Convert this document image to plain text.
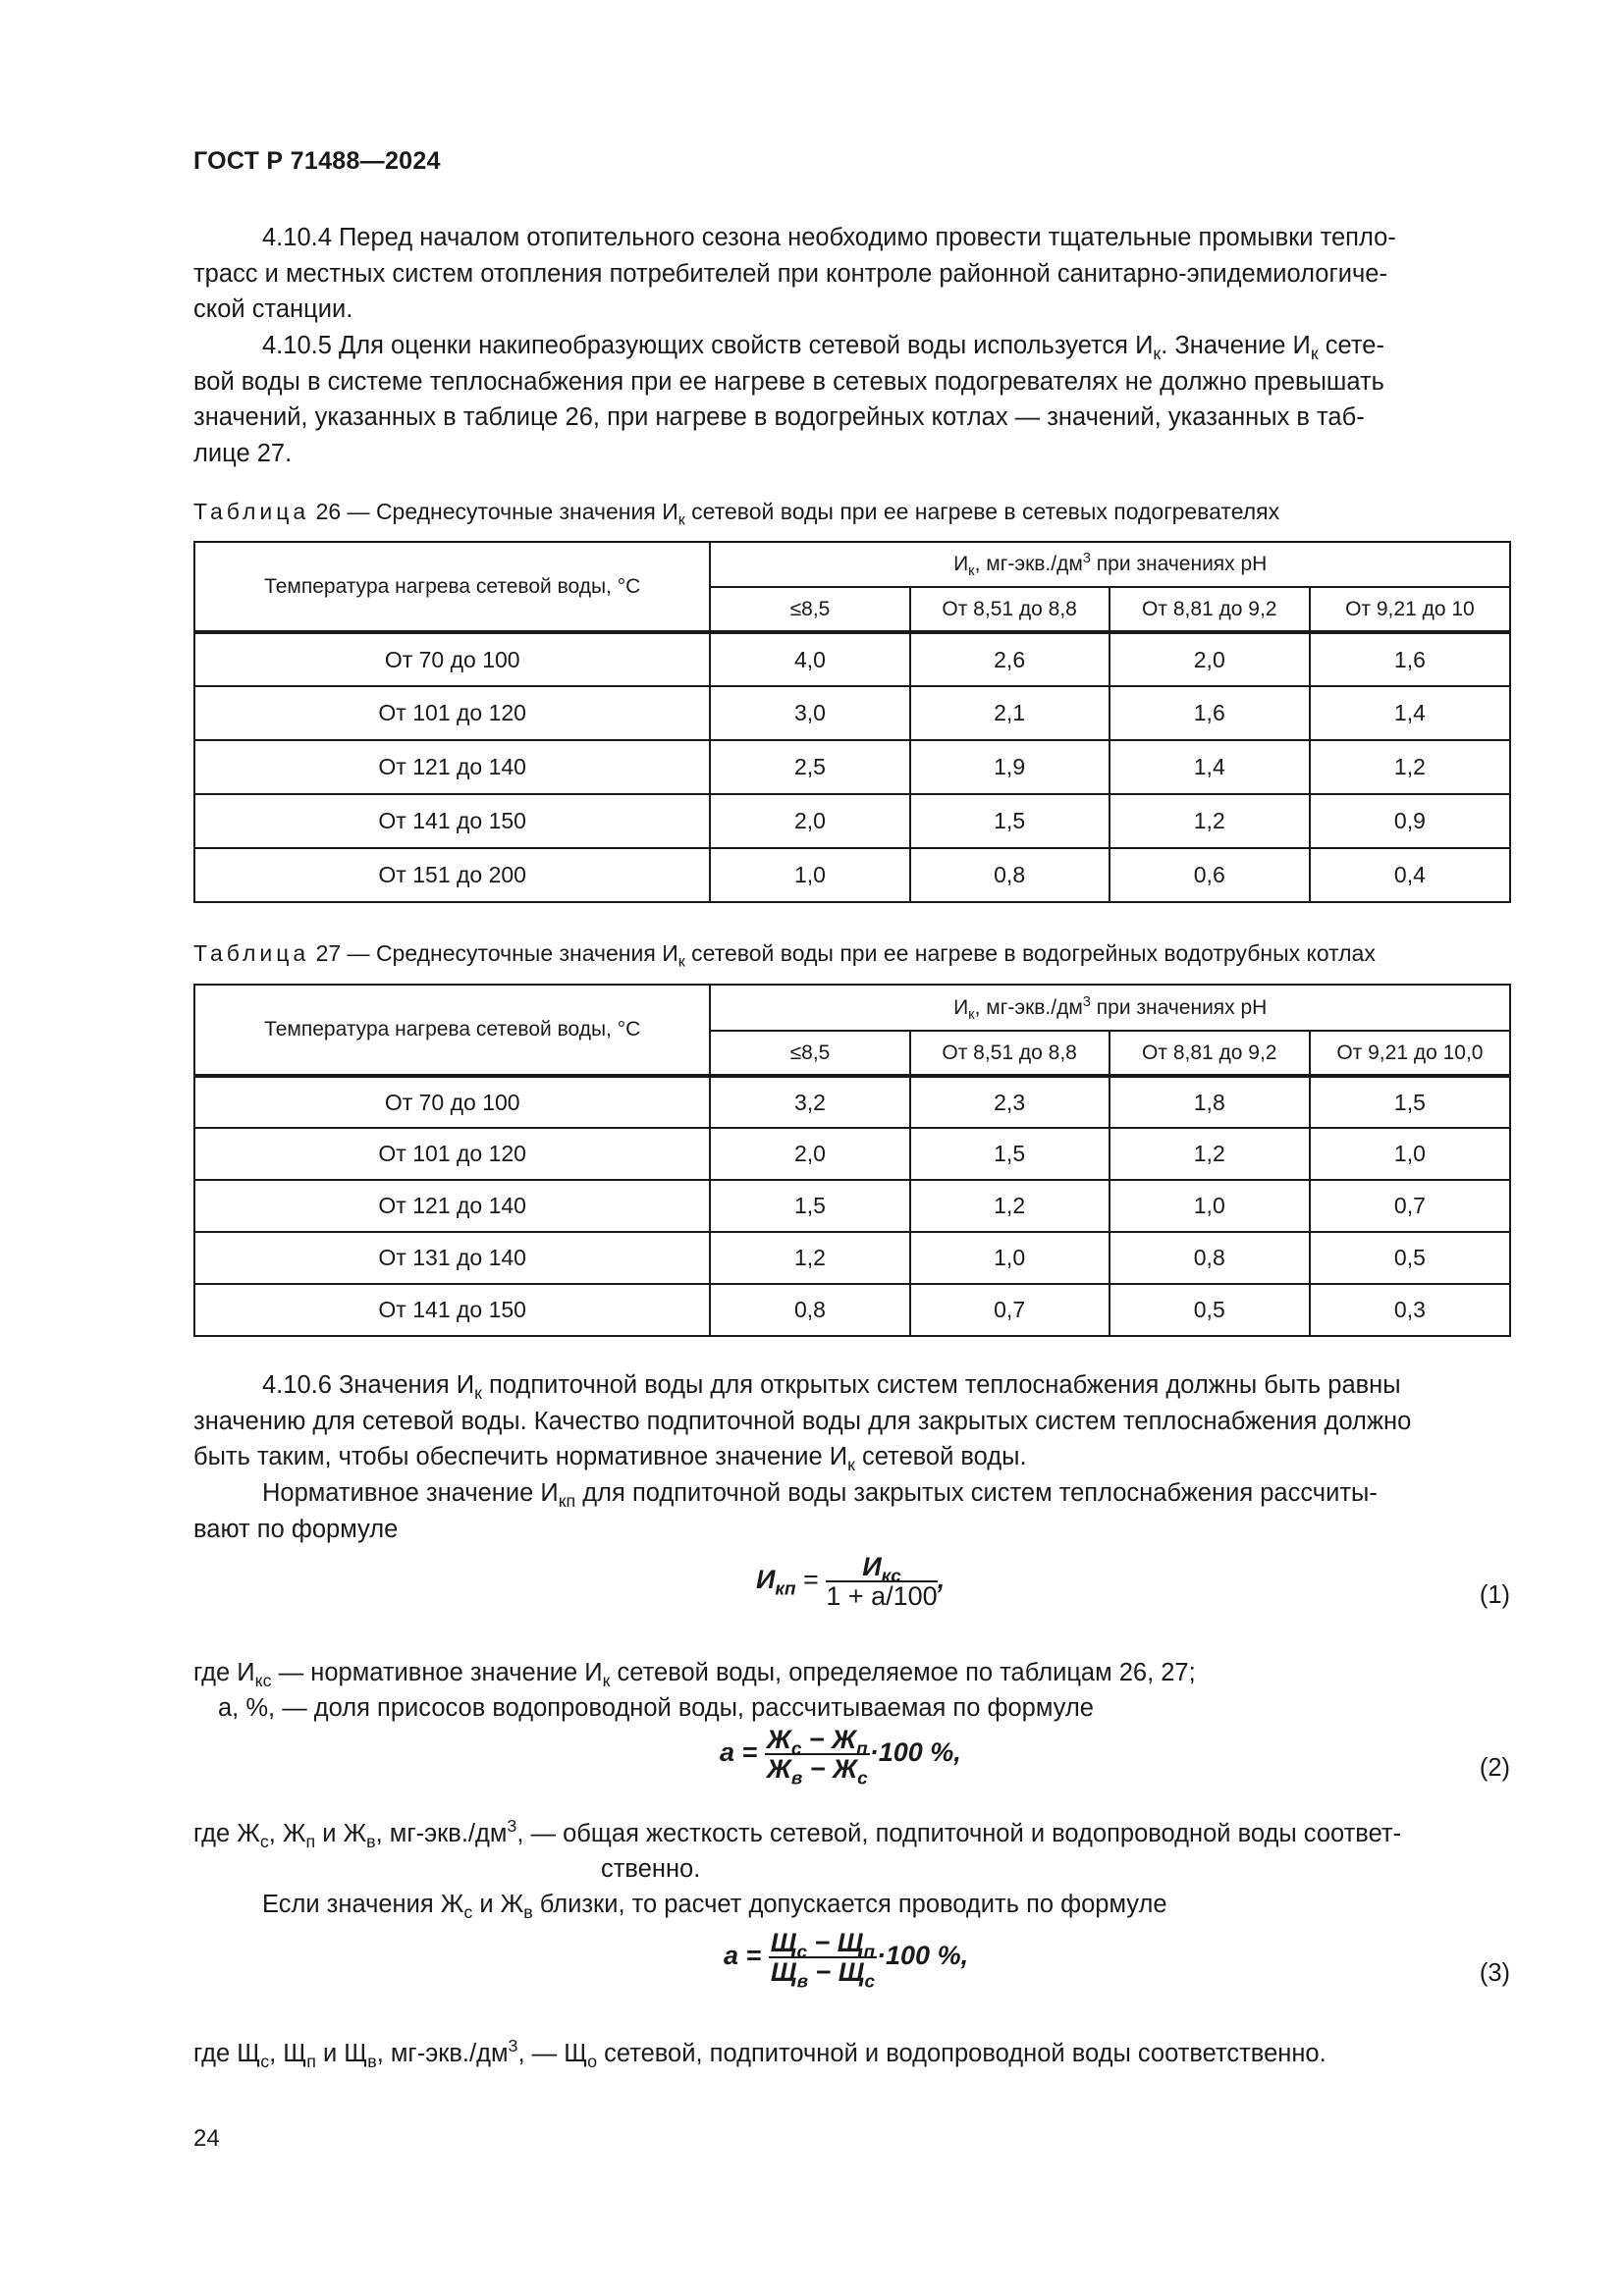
ГОСТ Р 71488—2024

4.10.4 Перед началом отопительного сезона необходимо провести тщательные промывки тепло-
трасс и местных систем отопления потребителей при контроле районной санитарно-эпидемиологиче-
ской станции.

4.10.5 Для оценки накипеобразующих свойств сетевой воды используется $И_к$. Значение $И_к$ сете-
вой воды в системе теплоснабжения при ее нагреве в сетевых подогревателях не должно превышать
значений, указанных в таблице 26, при нагреве в водогрейных котлах — значений, указанных в таб-
лице 27.

Таблица 26 — Среднесуточные значения $И_к$ сетевой воды при ее нагреве в сетевых подогревателях
Температура нагрева сетевой воды, °С	$И_к$, $мг-экв./дм^3$ при значениях рН			
	≤8,5	От 8,51 до 8,8	От 8,81 до 9,2	От 9,21 до 10
От 70 до 100	4,0	2,6	2,0	1,6
От 101 до 120	3,0	2,1	1,6	1,4
От 121 до 140	2,5	1,9	1,4	1,2
От 141 до 150	2,0	1,5	1,2	0,9
От 151 до 200	1,0	0,8	0,6	0,4
Таблица 27 — Среднесуточные значения $И_к$ сетевой воды при ее нагреве в водогрейных водотрубных котлах
Температура нагрева сетевой воды, °С	$И_к$, $мг-экв./дм^3$ при значениях рН			
	≤8,5	От 8,51 до 8,8	От 8,81 до 9,2	От 9,21 до 10,0
От 70 до 100	3,2	2,3	1,8	1,5
От 101 до 120	2,0	1,5	1,2	1,0
От 121 до 140	1,5	1,2	1,0	0,7
От 131 до 140	1,2	1,0	0,8	0,5
От 141 до 150	0,8	0,7	0,5	0,3

4.10.6 Значения $И_к$ подпиточной воды для открытых систем теплоснабжения должны быть равны
значению для сетевой воды. Качество подпиточной воды для закрытых систем теплоснабжения должно
быть таким, чтобы обеспечить нормативное значение $И_к$ сетевой воды.

Нормативное значение $И_{кп}$ для подпиточной воды закрытых систем теплоснабжения рассчиты-
вают по формуле

$И_{кп} = \frac{И_{кс}}{1 + a/100}$ ,
(1)
где $И_{кс}$ — нормативное значение $И_к$ сетевой воды, определяемое по таблицам 26, 27;
a, %, — доля присосов водопроводной воды, рассчитываемая по формуле
$a = \frac{Ж_с - Ж_п}{Ж_в - Ж_с} \cdot 100$ %,
(2)
где $Ж_с$, $Ж_п$ и $Ж_в$, $мг-экв./дм^3$, — общая жесткость сетевой, подпиточной и водопроводной воды соответ-
ственно.
Если значения $Ж_с$ и $Ж_в$ близки, то расчет допускается проводить по формуле
$a = \frac{Щ_с - Щ_п}{Щ_в - Щ_с} \cdot 100$ %,
(3)
где $Щ_с$, $Щ_п$ и $Щ_в$, $мг-экв./дм^3$, — $Щ_о$ сетевой, подпиточной и водопроводной воды соответственно.
24
